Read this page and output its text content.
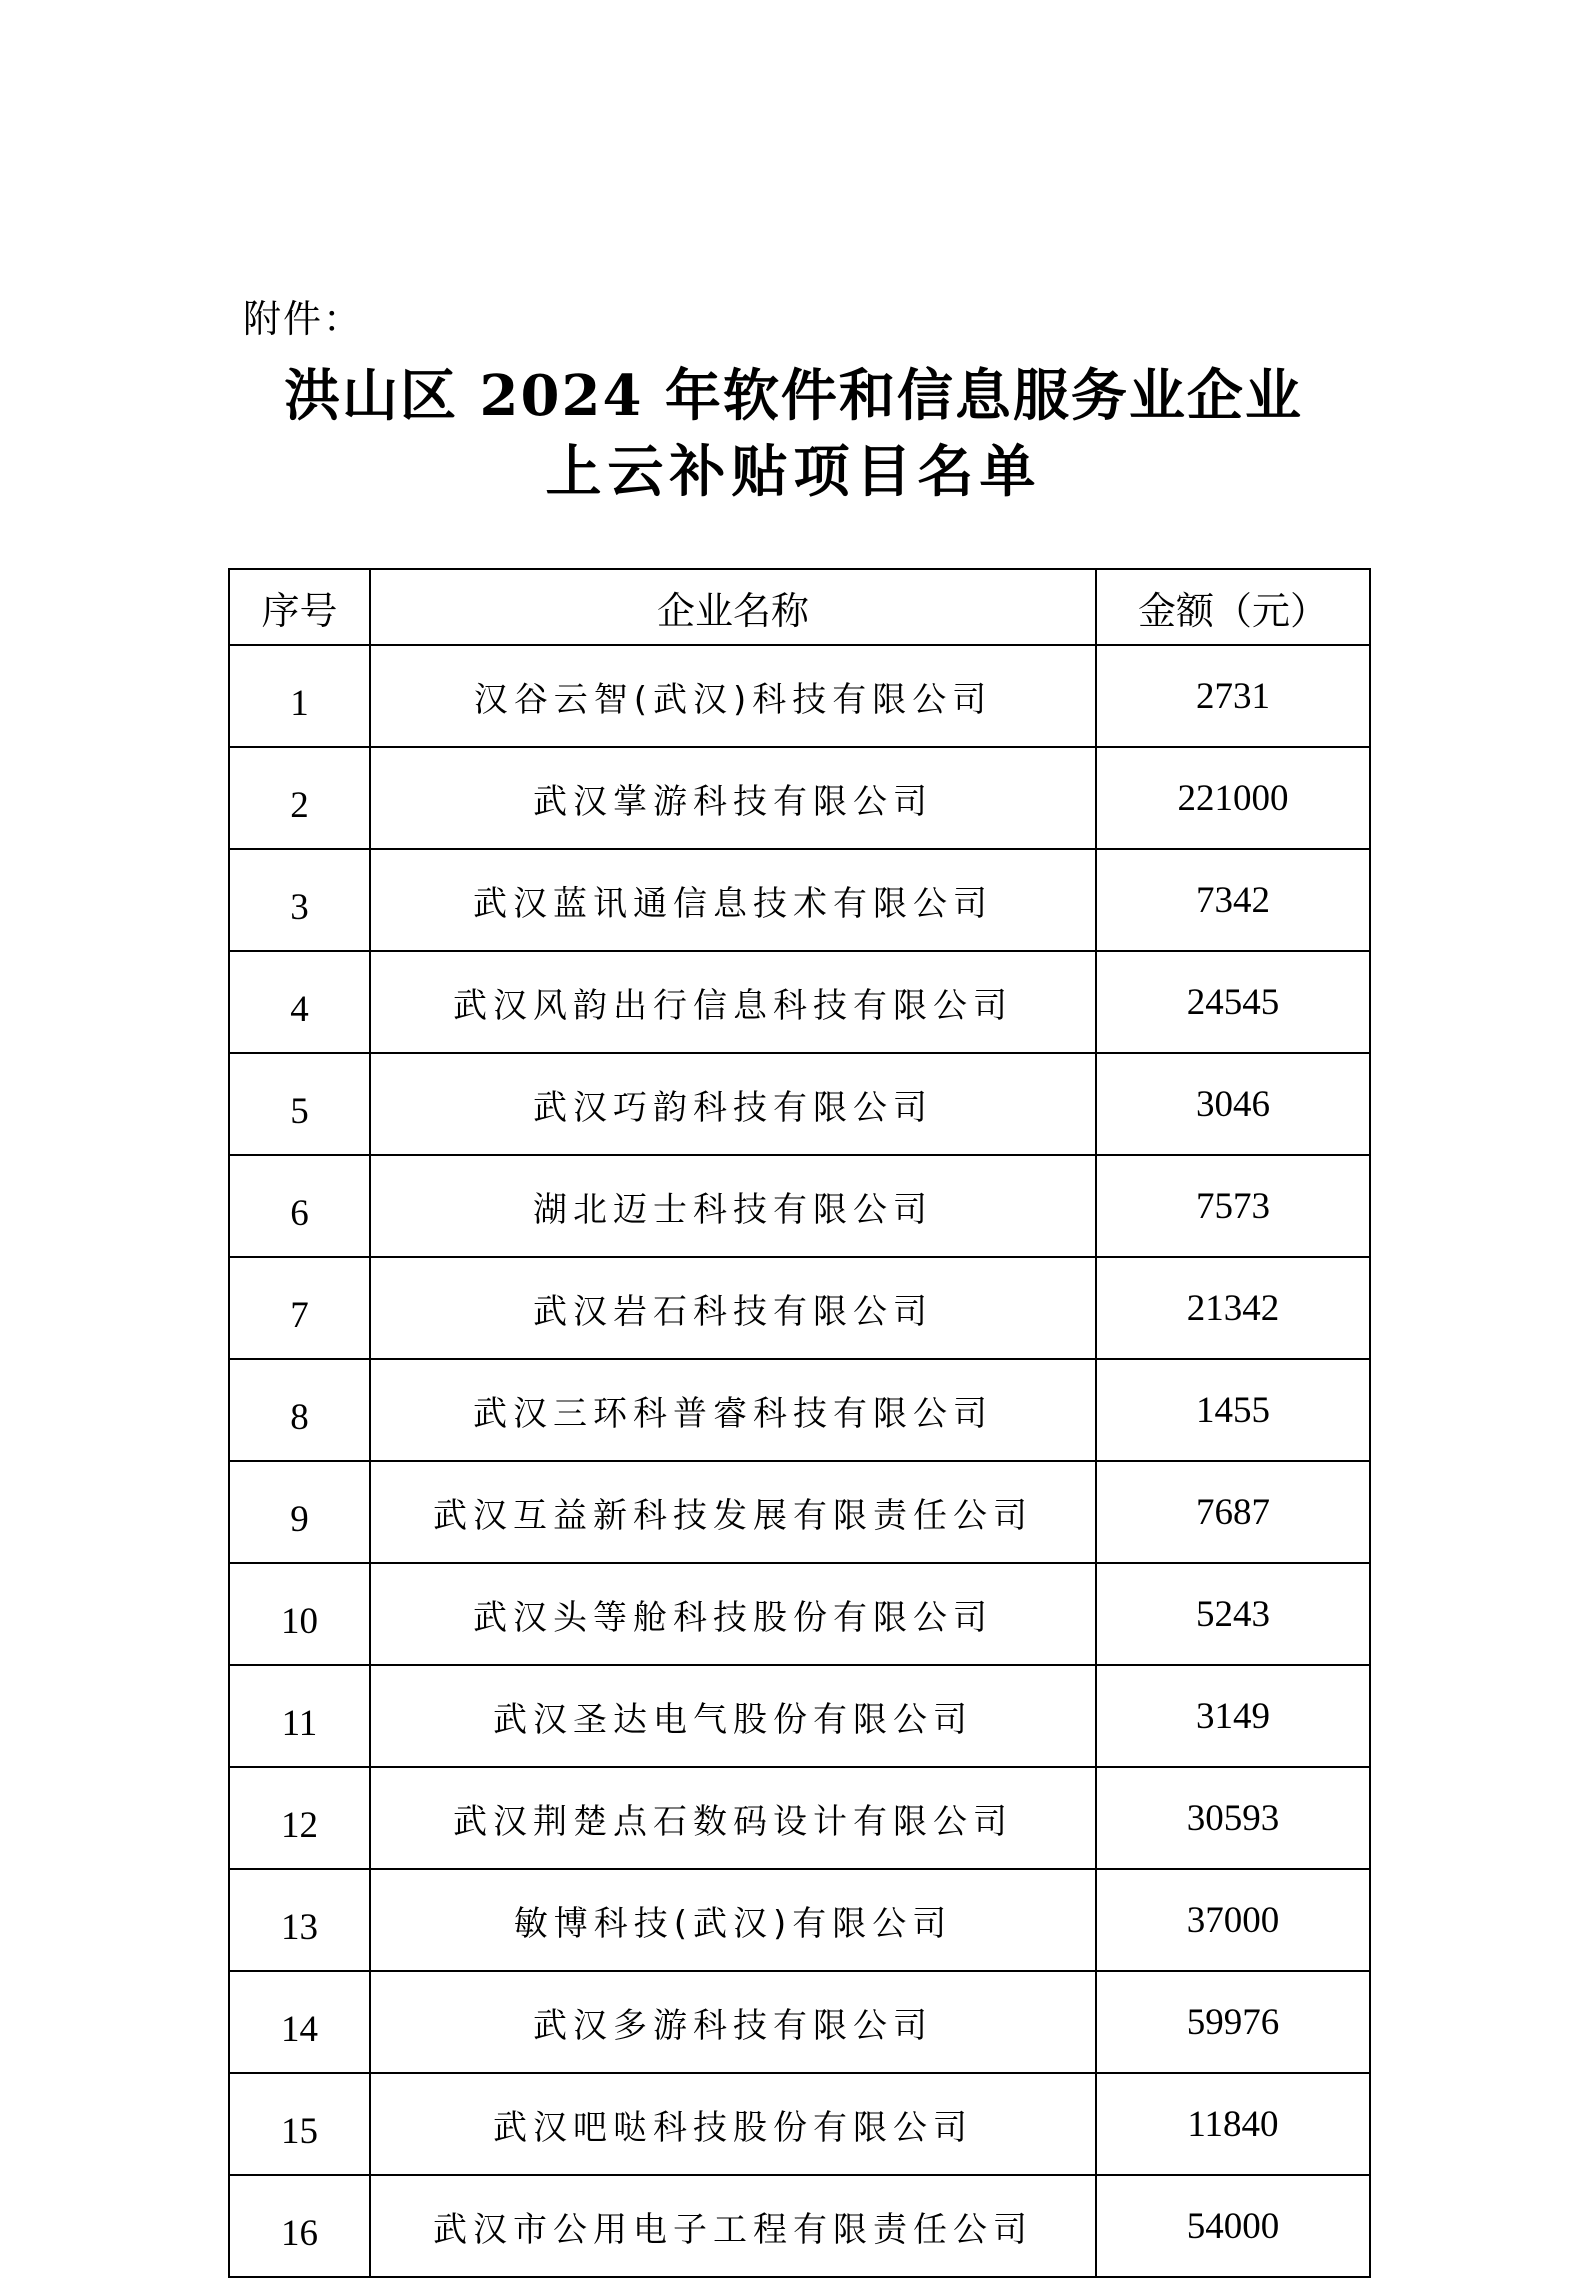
附件：
洪山区 2024 年软件和信息服务业企业
上云补贴项目名单
序号	企业名称	金额（元）
1	汉谷云智(武汉)科技有限公司	2731
2	武汉掌游科技有限公司	221000
3	武汉蓝讯通信息技术有限公司	7342
4	武汉风韵出行信息科技有限公司	24545
5	武汉巧韵科技有限公司	3046
6	湖北迈士科技有限公司	7573
7	武汉岩石科技有限公司	21342
8	武汉三环科普睿科技有限公司	1455
9	武汉互益新科技发展有限责任公司	7687
10	武汉头等舱科技股份有限公司	5243
11	武汉圣达电气股份有限公司	3149
12	武汉荆楚点石数码设计有限公司	30593
13	敏博科技(武汉)有限公司	37000
14	武汉多游科技有限公司	59976
15	武汉吧哒科技股份有限公司	11840
16	武汉市公用电子工程有限责任公司	54000
